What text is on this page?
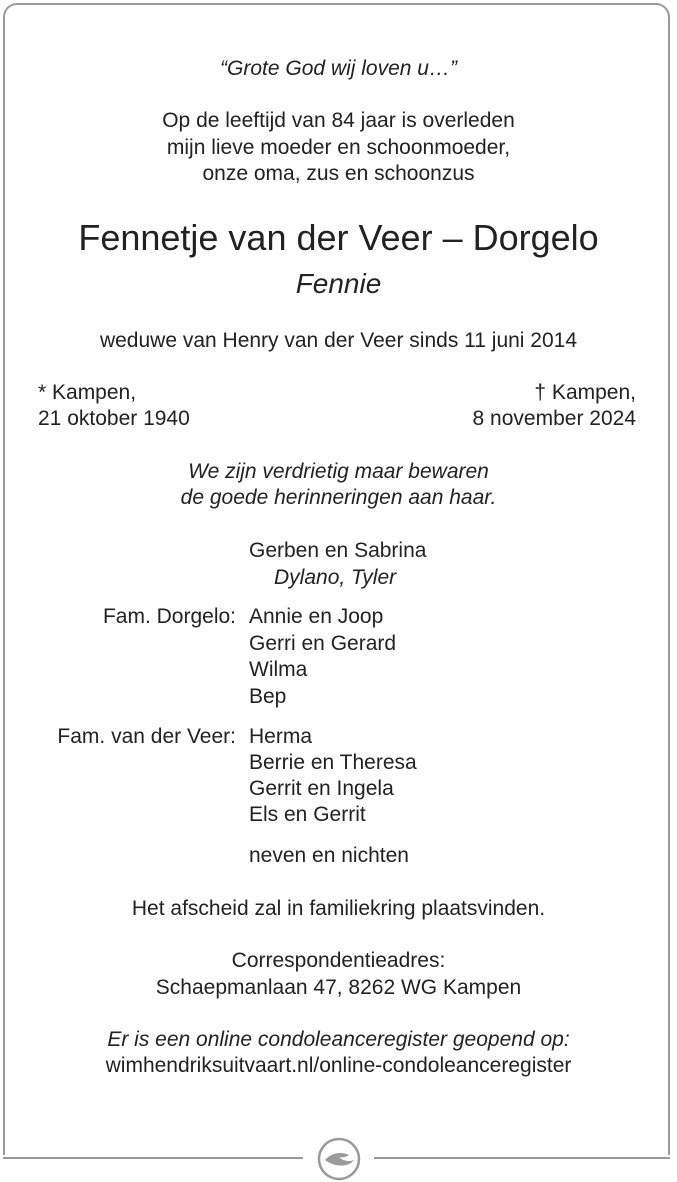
“Grote God wij loven u…”
Op de leeftijd van 84 jaar is overleden
mijn lieve moeder en schoonmoeder,
onze oma, zus en schoonzus
Fennetje van der Veer – Dorgelo
Fennie
weduwe van Henry van der Veer sinds 11 juni 2014
* Kampen,
21 oktober 1940
† Kampen,
8 november 2024
We zijn verdrietig maar bewaren
de goede herinneringen aan haar.
Gerben en Sabrina
Dylano, Tyler
Fam. Dorgelo: Annie en Joop
Gerri en Gerard
Wilma
Bep
Fam. van der Veer: Herma
Berrie en Theresa
Gerrit en Ingela
Els en Gerrit
neven en nichten
Het afscheid zal in familiekring plaatsvinden.
Correspondentieadres:
Schaepmanlaan 47, 8262 WG Kampen
Er is een online condoleanceregister geopend op:
wimhendriksuitvaart.nl/online-condoleanceregister
